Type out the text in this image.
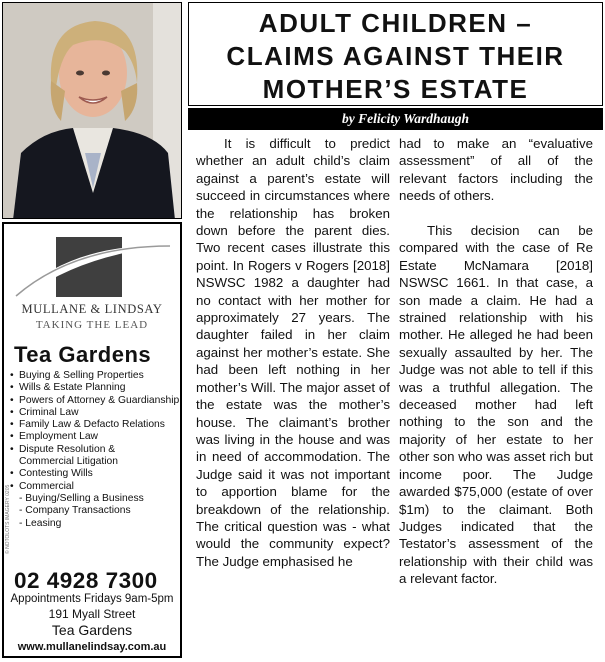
MULLANE & LINDSAY
TAKING THE LEAD
Tea Gardens
• Buying & Selling Properties
• Wills & Estate Planning
• Powers of Attorney & Guardianship
• Criminal Law
• Family Law & Defacto Relations
• Employment Law
• Dispute Resolution &
Commercial Litigation
• Contesting Wills
• Commercial
- Buying/Selling a Business
- Company Transactions
- Leasing
© NOTOLOTS IMAGERY 0205
02 4928 7300
Appointments Fridays 9am-5pm
191 Myall Street
Tea Gardens
www.mullanelindsay.com.au
ADULT CHILDREN –
CLAIMS AGAINST THEIR
MOTHER’S ESTATE
by Felicity Wardhaugh

It is difficult to predict whether an adult child’s claim against a parent’s estate will succeed in circumstances where the relationship has broken down before the parent dies. Two recent cases illustrate this point. In Rogers v Rogers [2018] NSWSC 1982 a daughter had no contact with her mother for approximately 27 years. The daughter failed in her claim against her mother’s estate. She had been left nothing in her mother’s Will. The major asset of the estate was the mother’s house. The claimant’s brother was living in the house and was in need of accommodation. The Judge said it was not important to apportion blame for the breakdown of the relationship. The critical question was - what would the community expect? The Judge emphasised he

had to make an “evaluative assessment” of all of the relevant factors including the needs of others.

This decision can be compared with the case of Re Estate McNamara [2018] NSWSC 1661. In that case, a son made a claim. He had a strained relationship with his mother. He alleged he had been sexually assaulted by her. The Judge was not able to tell if this was a truthful allegation. The deceased mother had left nothing to the son and the majority of her estate to her other son who was asset rich but income poor. The Judge awarded $75,000 (estate of over $1m) to the claimant. Both Judges indicated that the Testator’s assessment of the relationship with their child was a relevant factor.
